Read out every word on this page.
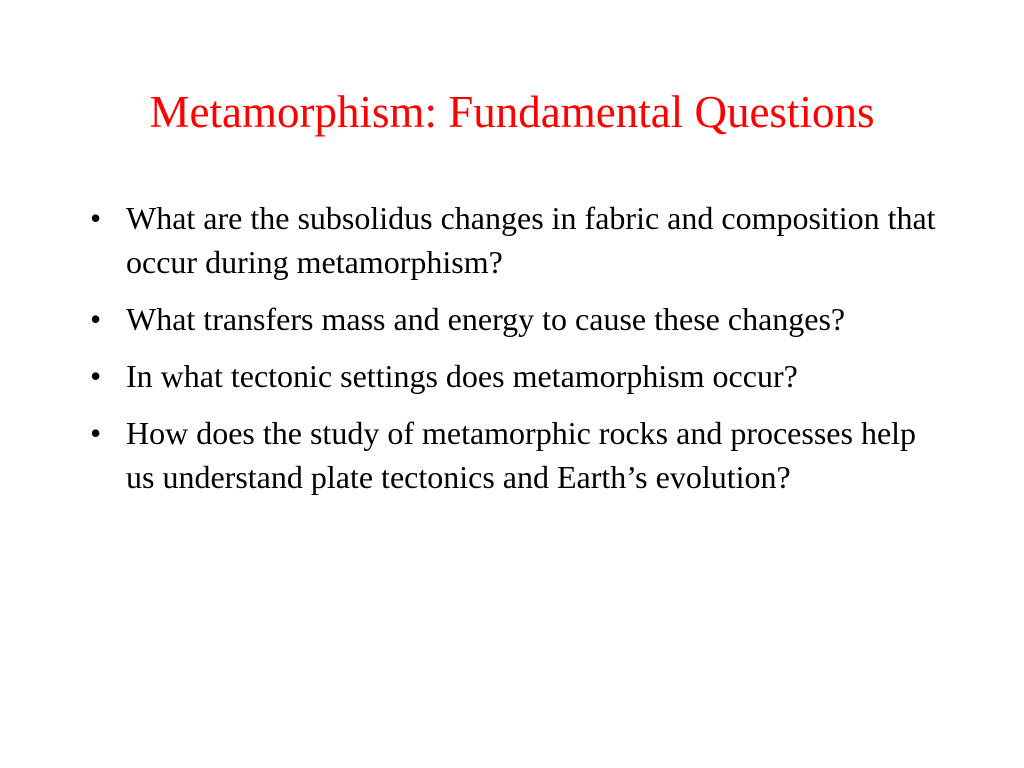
Metamorphism: Fundamental Questions
• What are the subsolidus changes in fabric and composition that occur during metamorphism?
• What transfers mass and energy to cause these changes?
• In what tectonic settings does metamorphism occur?
• How does the study of metamorphic rocks and processes help us understand plate tectonics and Earth’s evolution?
